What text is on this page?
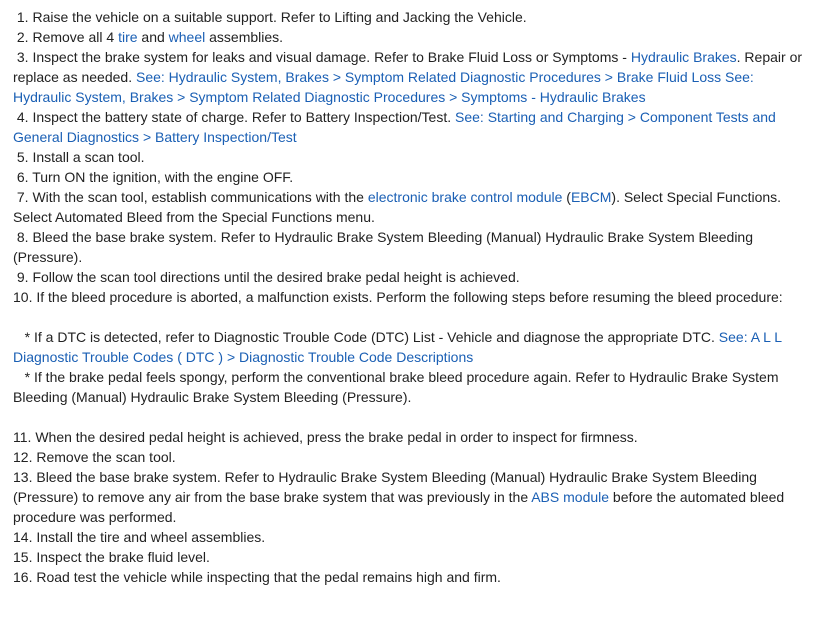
1. Raise the vehicle on a suitable support. Refer to Lifting and Jacking the Vehicle.

2. Remove all 4 tire and wheel assemblies.

3. Inspect the brake system for leaks and visual damage. Refer to Brake Fluid Loss or Symptoms - Hydraulic Brakes. Repair or replace as needed. See: Hydraulic System, Brakes > Symptom Related Diagnostic Procedures > Brake Fluid Loss See: Hydraulic System, Brakes > Symptom Related Diagnostic Procedures > Symptoms - Hydraulic Brakes

4. Inspect the battery state of charge. Refer to Battery Inspection/Test. See: Starting and Charging > Component Tests and General Diagnostics > Battery Inspection/Test

5. Install a scan tool.

6. Turn ON the ignition, with the engine OFF.

7. With the scan tool, establish communications with the electronic brake control module (EBCM). Select Special Functions. Select Automated Bleed from the Special Functions menu.

8. Bleed the base brake system. Refer to Hydraulic Brake System Bleeding (Manual) Hydraulic Brake System Bleeding (Pressure).

9. Follow the scan tool directions until the desired brake pedal height is achieved.

10. If the bleed procedure is aborted, a malfunction exists. Perform the following steps before resuming the bleed procedure:

* If a DTC is detected, refer to Diagnostic Trouble Code (DTC) List - Vehicle and diagnose the appropriate DTC. See: A L L Diagnostic Trouble Codes ( DTC ) > Diagnostic Trouble Code Descriptions

* If the brake pedal feels spongy, perform the conventional brake bleed procedure again. Refer to Hydraulic Brake System Bleeding (Manual) Hydraulic Brake System Bleeding (Pressure).

11. When the desired pedal height is achieved, press the brake pedal in order to inspect for firmness.

12. Remove the scan tool.

13. Bleed the base brake system. Refer to Hydraulic Brake System Bleeding (Manual) Hydraulic Brake System Bleeding (Pressure) to remove any air from the base brake system that was previously in the ABS module before the automated bleed procedure was performed.

14. Install the tire and wheel assemblies.

15. Inspect the brake fluid level.

16. Road test the vehicle while inspecting that the pedal remains high and firm.
